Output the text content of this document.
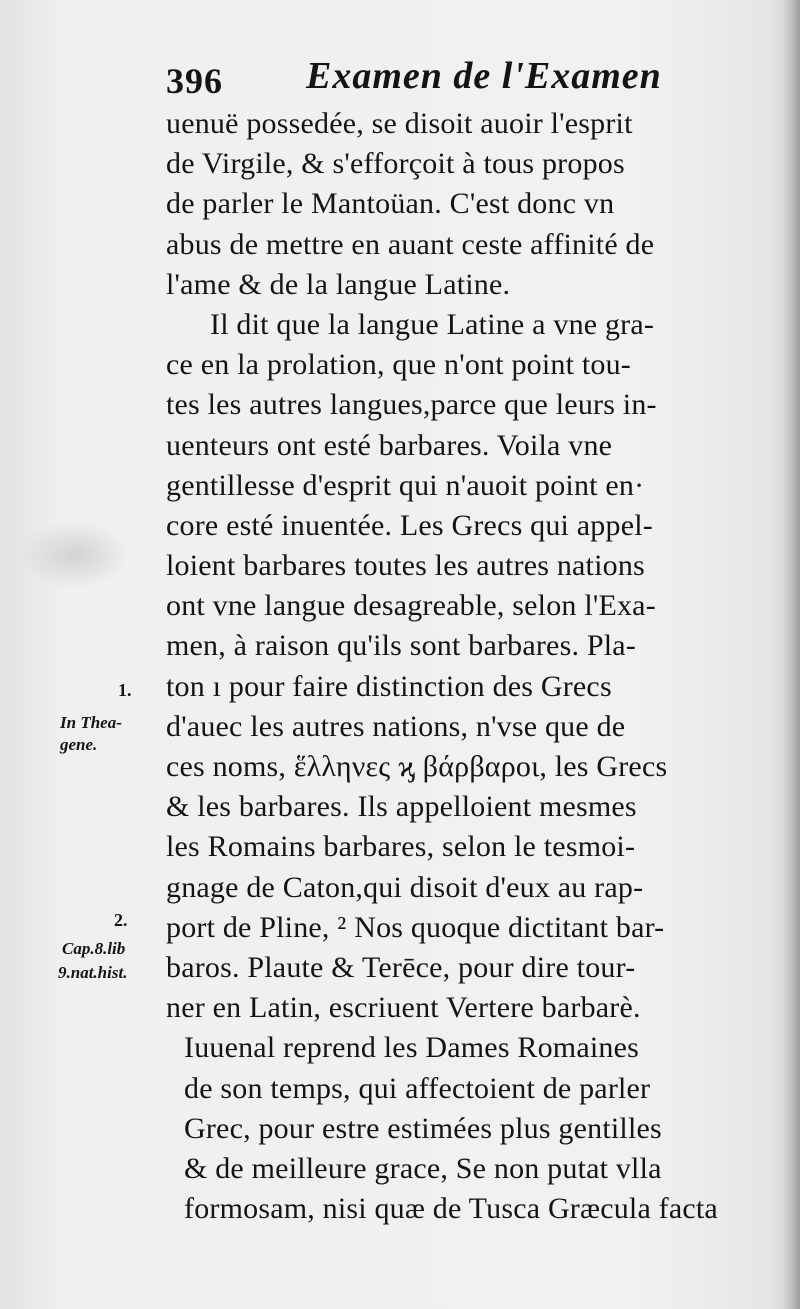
396 Examen de l'Examen
uenuë possedée, se disoit auoir l'esprit
de Virgile, & s'efforçoit à tous propos
de parler le Mantoüan. C'est donc vn
abus de mettre en auant ceste affinité de
l'ame & de la langue Latine.
Il dit que la langue Latine a vne gra-
ce en la prolation, que n'ont point tou-
tes les autres langues,parce que leurs in-
uenteurs ont esté barbares. Voila vne
gentillesse d'esprit qui n'auoit point en·
core esté inuentée. Les Grecs qui appel-
loient barbares toutes les autres nations
ont vne langue desagreable, selon l'Exa-
men, à raison qu'ils sont barbares. Pla-
ton ı pour faire distinction des Grecs
d'auec les autres nations, n'vse que de
ces noms, ἕλληνες ϗ βάρβαροι, les Grecs
& les barbares. Ils appelloient mesmes
les Romains barbares, selon le tesmoi-
gnage de Caton,qui disoit d'eux au rap-
port de Pline, ² Nos quoque dictitant bar-
baros. Plaute & Terēce, pour dire tour-
ner en Latin, escriuent Vertere barbarè.
Iuuenal reprend les Dames Romaines
de son temps, qui affectoient de parler
Grec, pour estre estimées plus gentilles
& de meilleure grace, Se non putat vlla
formosam, nisi quæ de Tusca Græcula facta
1.
In Thea-
gene.
2.
Cap.8.lib
9.nat.hist.
